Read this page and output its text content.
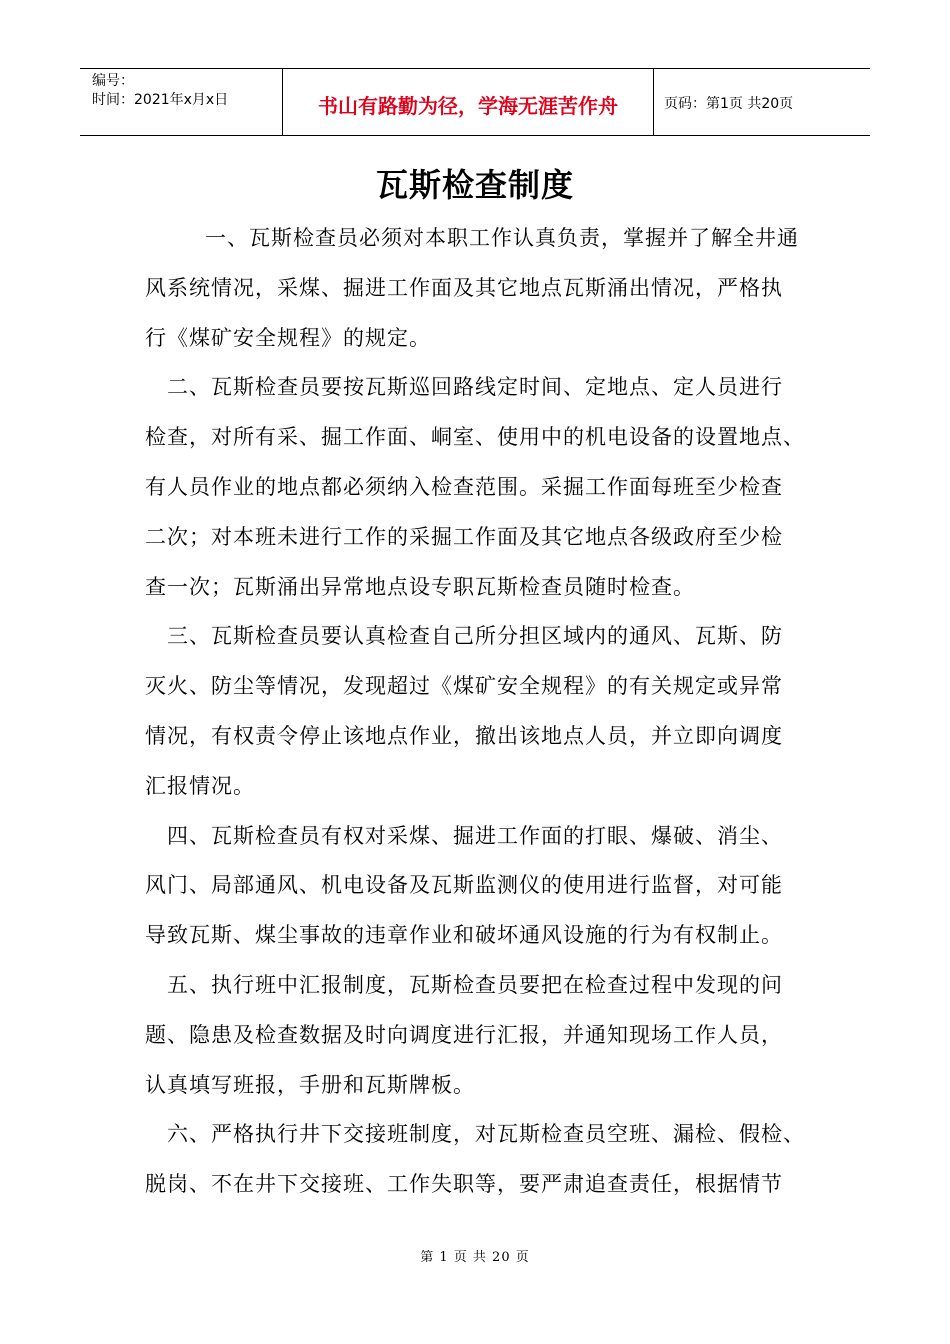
编号：
时间：2021年x月x日	书山有路勤为径，学海无涯苦作舟	页码：第1页 共20页
瓦斯检查制度

　一、瓦斯检查员必须对本职工作认真负责，掌握并了解全井通
风系统情况，采煤、掘进工作面及其它地点瓦斯涌出情况，严格执
行《煤矿安全规程》的规定。

二、瓦斯检查员要按瓦斯巡回路线定时间、定地点、定人员进行
检查，对所有采、掘工作面、峒室、使用中的机电设备的设置地点、
有人员作业的地点都必须纳入检查范围。采掘工作面每班至少检查
二次；对本班未进行工作的采掘工作面及其它地点各级政府至少检
查一次；瓦斯涌出异常地点设专职瓦斯检查员随时检查。

三、瓦斯检查员要认真检查自己所分担区域内的通风、瓦斯、防
灭火、防尘等情况，发现超过《煤矿安全规程》的有关规定或异常
情况，有权责令停止该地点作业，撤出该地点人员，并立即向调度
汇报情况。

四、瓦斯检查员有权对采煤、掘进工作面的打眼、爆破、消尘、
风门、局部通风、机电设备及瓦斯监测仪的使用进行监督，对可能
导致瓦斯、煤尘事故的违章作业和破坏通风设施的行为有权制止。

五、执行班中汇报制度，瓦斯检查员要把在检查过程中发现的问
题、隐患及检查数据及时向调度进行汇报，并通知现场工作人员，
认真填写班报，手册和瓦斯牌板。

六、严格执行井下交接班制度，对瓦斯检查员空班、漏检、假检、
脱岗、不在井下交接班、工作失职等，要严肃追查责任，根据情节

第 1 页 共 20 页
